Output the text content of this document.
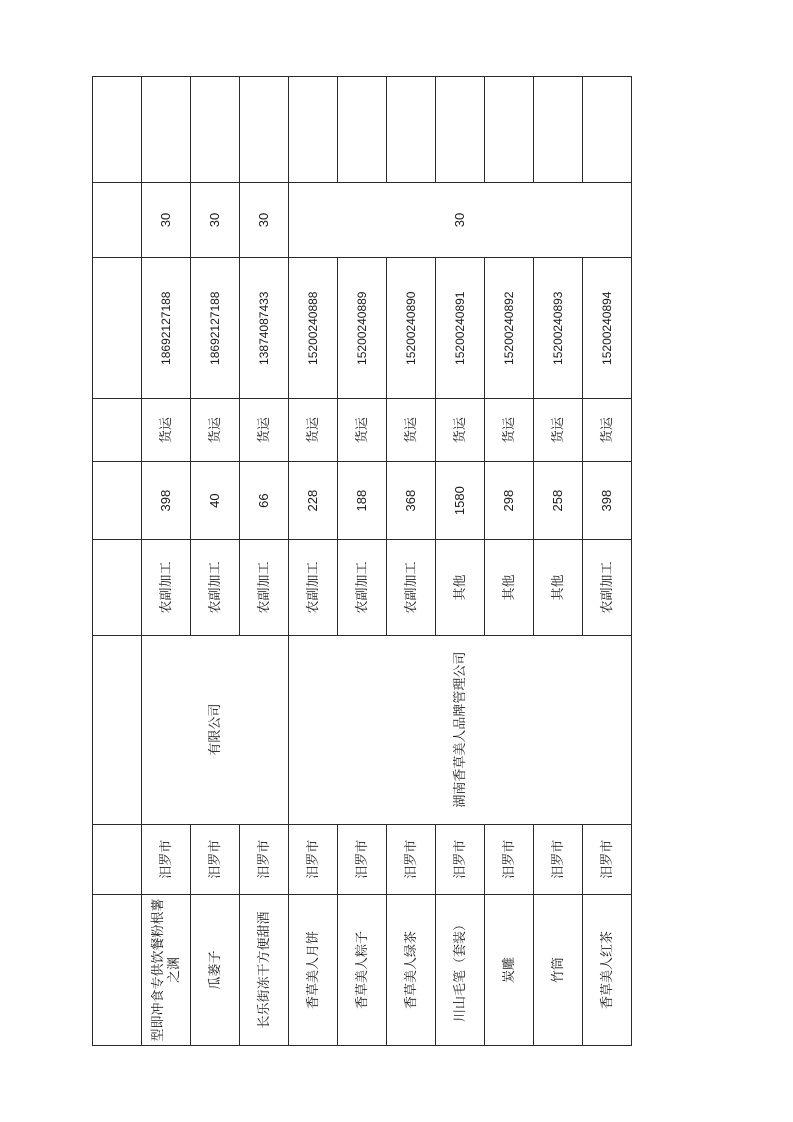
型即冲食专供饮餐粉根薯之渊	汨罗市	有限公司	农副加工	398	货运	18692127188	30	
瓜蒌子	汨罗市		农副加工	40	货运	18692127188	30	
长乐街冻干方便甜酒	汨罗市		农副加工	66	货运	13874087433	30	
香草美人月饼	汨罗市	湖南香草美人品牌管理公司	农副加工	228	货运	15200240888	30	
香草美人粽子	汨罗市		农副加工	188	货运	15200240889		
香草美人绿茶	汨罗市		农副加工	368	货运	15200240890		
川山毛笔（套装）	汨罗市		其他	1580	货运	15200240891		
炭雕	汨罗市		其他	298	货运	15200240892		
竹筒	汨罗市		其他	258	货运	15200240893		
香草美人红茶	汨罗市		农副加工	398	货运	15200240894		
